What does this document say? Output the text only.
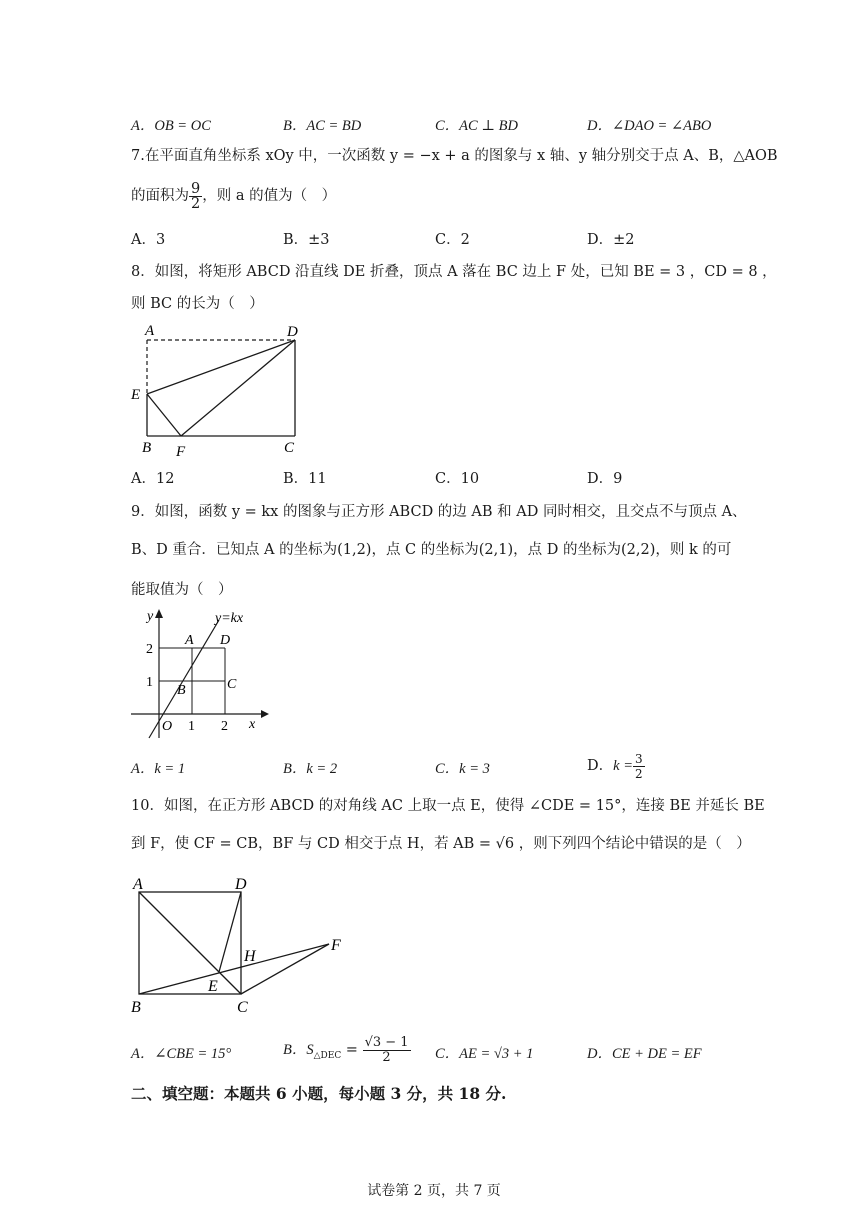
A．OB = OC	B．AC = BD	C．AC ⊥ BD	D．∠DAO = ∠ABO
7.在平面直角坐标系 xOy 中，一次函数 y = −x + a 的图象与 x 轴、y 轴分别交于点 A、B，△AOB
的面积为 $\frac{9}{2}$ ，则 a 的值为（　）
A．3	B．±3	C．2	D．±2
8．如图，将矩形 ABCD 沿直线 DE 折叠，顶点 A 落在 BC 边上 F 处，已知 BE = 3 ，CD = 8 ，
则 BC 的长为（　）
A	D
E
B F	C
A．12	B．11	C．10	D．9
9．如图，函数 y = kx 的图象与正方形 ABCD 的边 AB 和 AD 同时相交，且交点不与顶点 A、
B、D 重合．已知点 A 的坐标为(1,2)，点 C 的坐标为(2,1)，点 D 的坐标为(2,2)，则 k 的可
能取值为（　）
y=kx
y
x
A D
B	C
O 1 2
1
2
A．k = 1	B．k = 2	C．k = 3	D．$k = \frac{3}{2}$
10．如图，在正方形 ABCD 的对角线 AC 上取一点 E，使得 ∠CDE = 15°，连接 BE 并延长 BE
到 F，使 CF = CB，BF 与 CD 相交于点 H，若 AB = √6 ，则下列四个结论中错误的是（　）
A	D
H
F
E
B	C
A．∠CBE = 15°	B．$S_{\triangle DEC} = \frac{√3 - 1}{2}$ C．AE = √3 + 1	D．CE + DE = EF
二、填空题：本题共 6 小题，每小题 3 分，共 18 分.
试卷第 2 页，共 7 页
